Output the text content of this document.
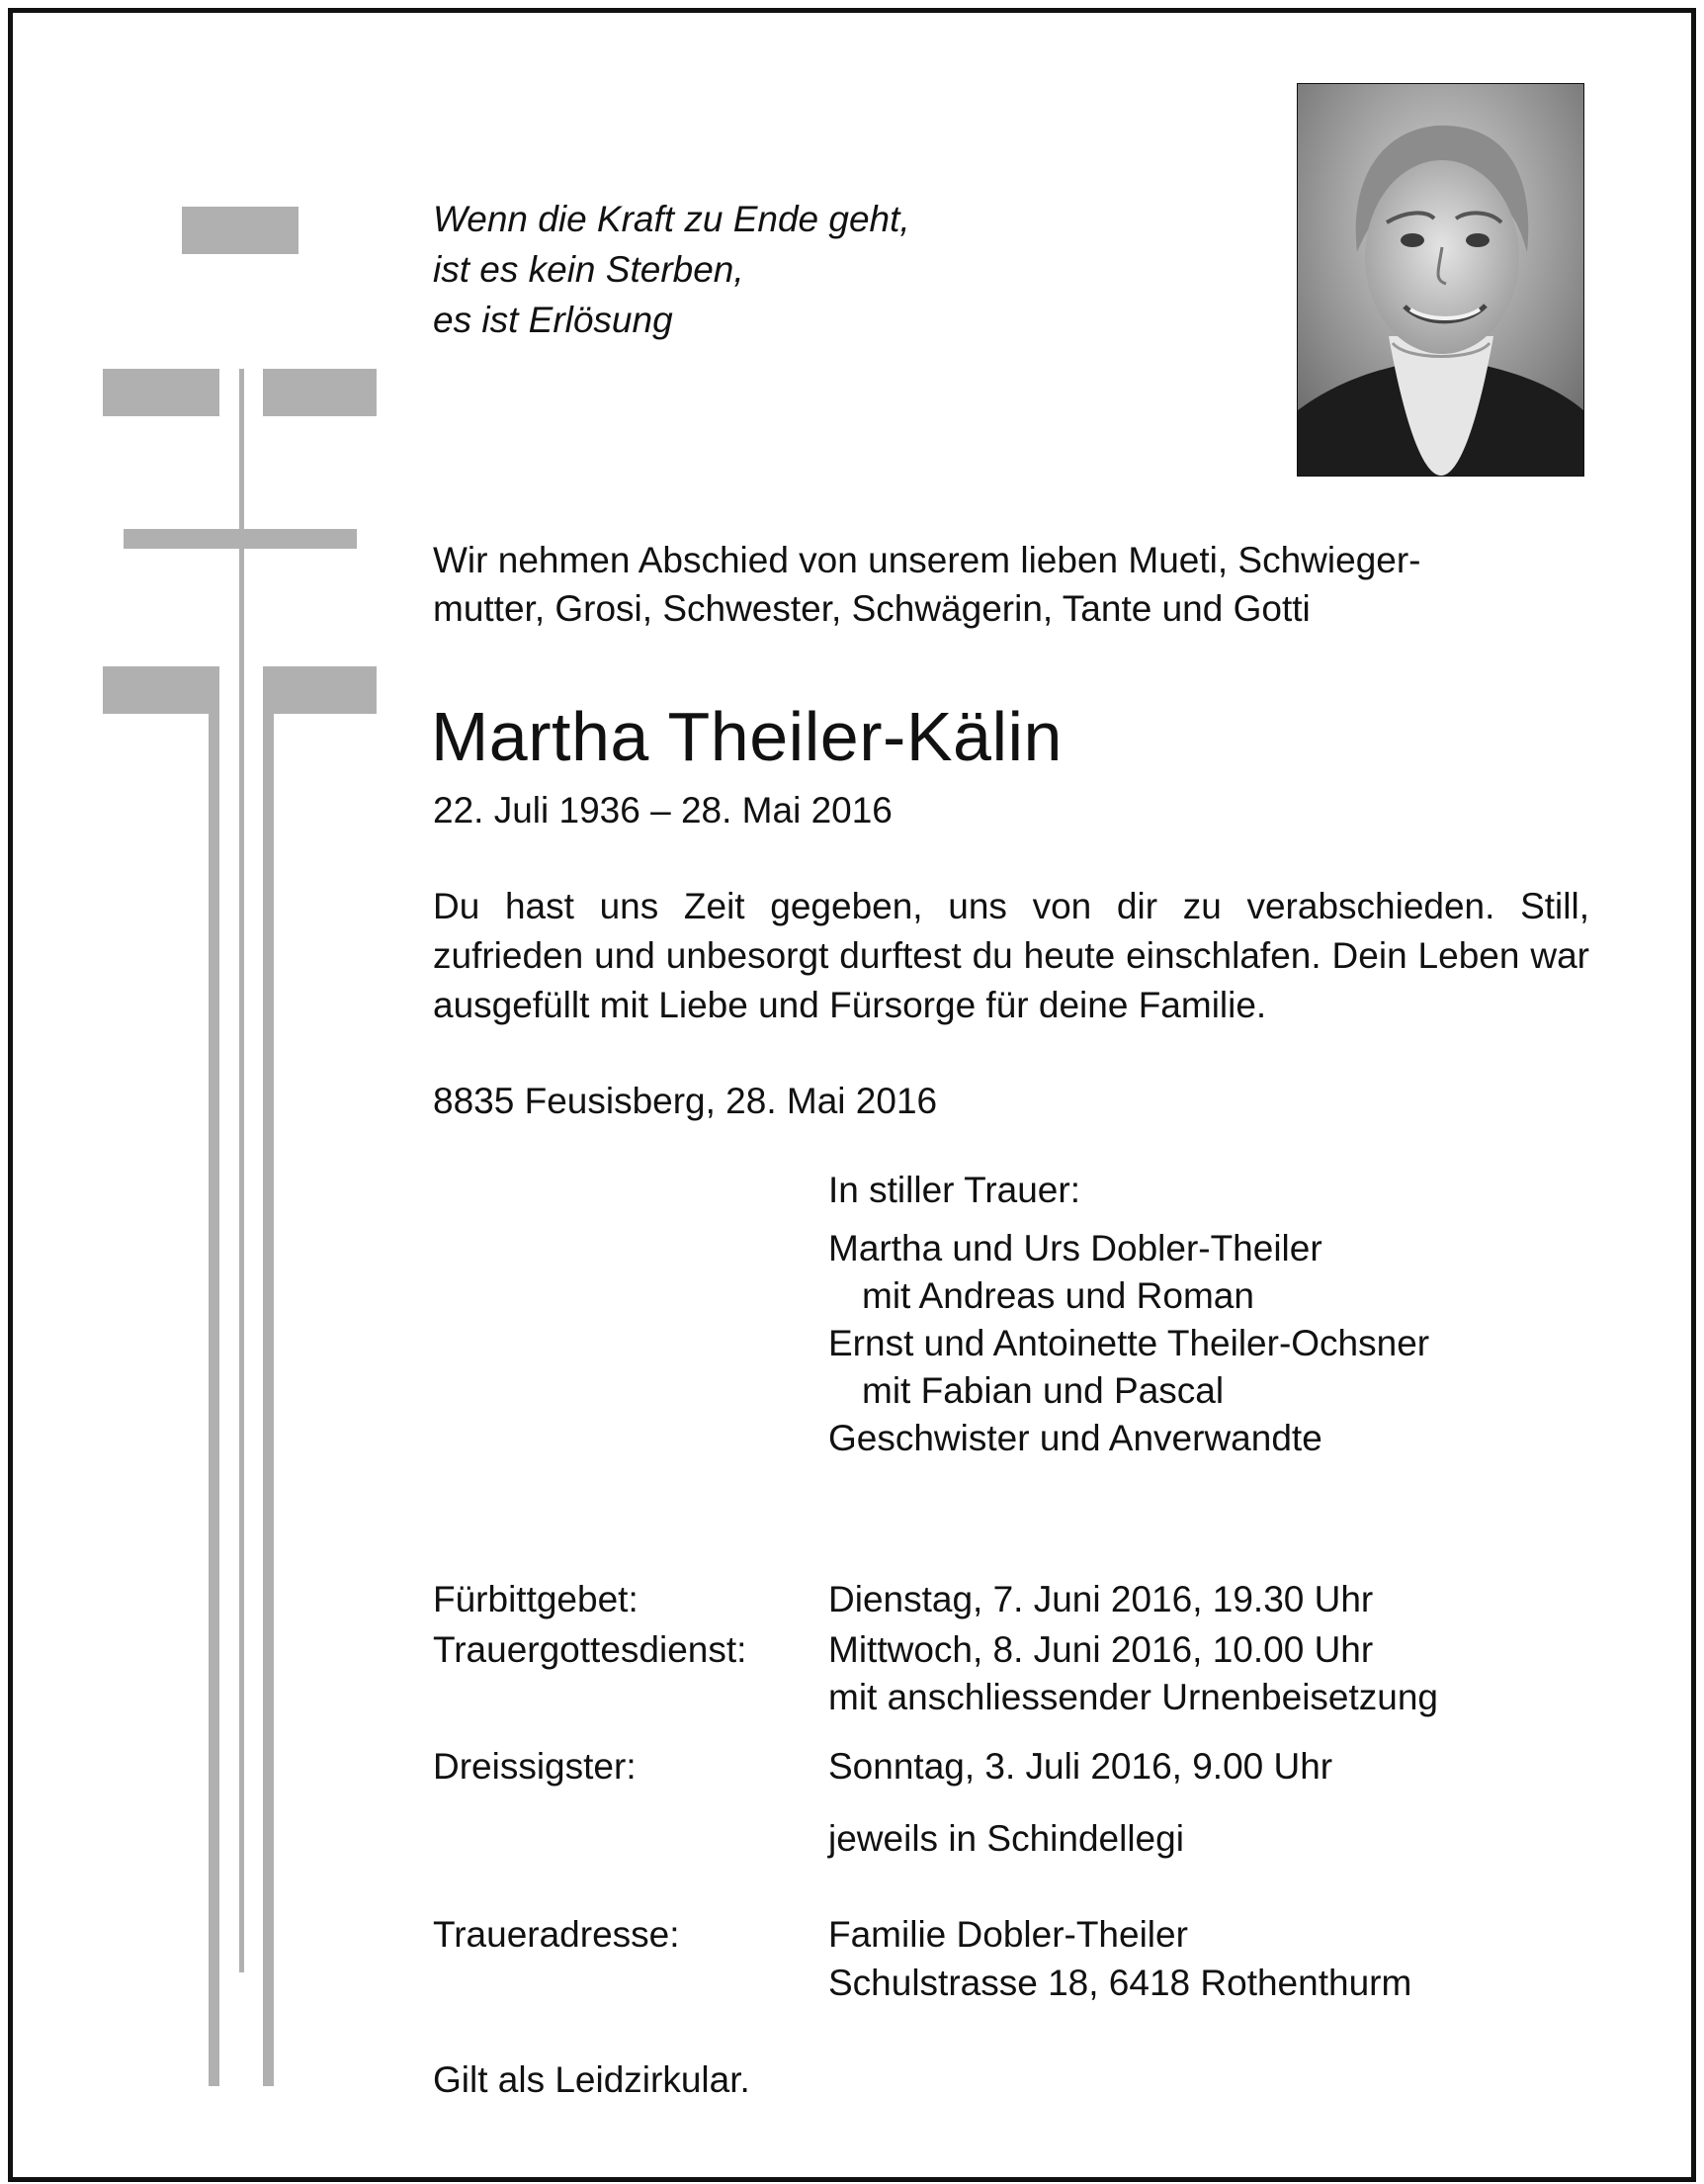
Wenn die Kraft zu Ende geht,
ist es kein Sterben,
es ist Erlösung
Wir nehmen Abschied von unserem lieben Mueti, Schwieger-
mutter, Grosi, Schwester, Schwägerin, Tante und Gotti
Martha Theiler-Kälin
22. Juli 1936 – 28. Mai 2016
Du hast uns Zeit gegeben, uns von dir zu verabschieden. Still, zufrieden und unbesorgt durftest du heute einschlafen. Dein Leben war ausgefüllt mit Liebe und Fürsorge für deine Familie.
8835 Feusisberg, 28. Mai 2016
In stiller Trauer:
Martha und Urs Dobler-Theiler
mit Andreas und Roman
Ernst und Antoinette Theiler-Ochsner
mit Fabian und Pascal
Geschwister und Anverwandte
Fürbittgebet:	Dienstag, 7. Juni 2016, 19.30 Uhr
Trauergottesdienst: Mittwoch, 8. Juni 2016, 10.00 Uhr
mit anschliessender Urnenbeisetzung
Dreissigster:	Sonntag, 3. Juli 2016, 9.00 Uhr
jeweils in Schindellegi
Traueradresse:	Familie Dobler-Theiler
Schulstrasse 18, 6418 Rothenthurm
Gilt als Leidzirkular.
